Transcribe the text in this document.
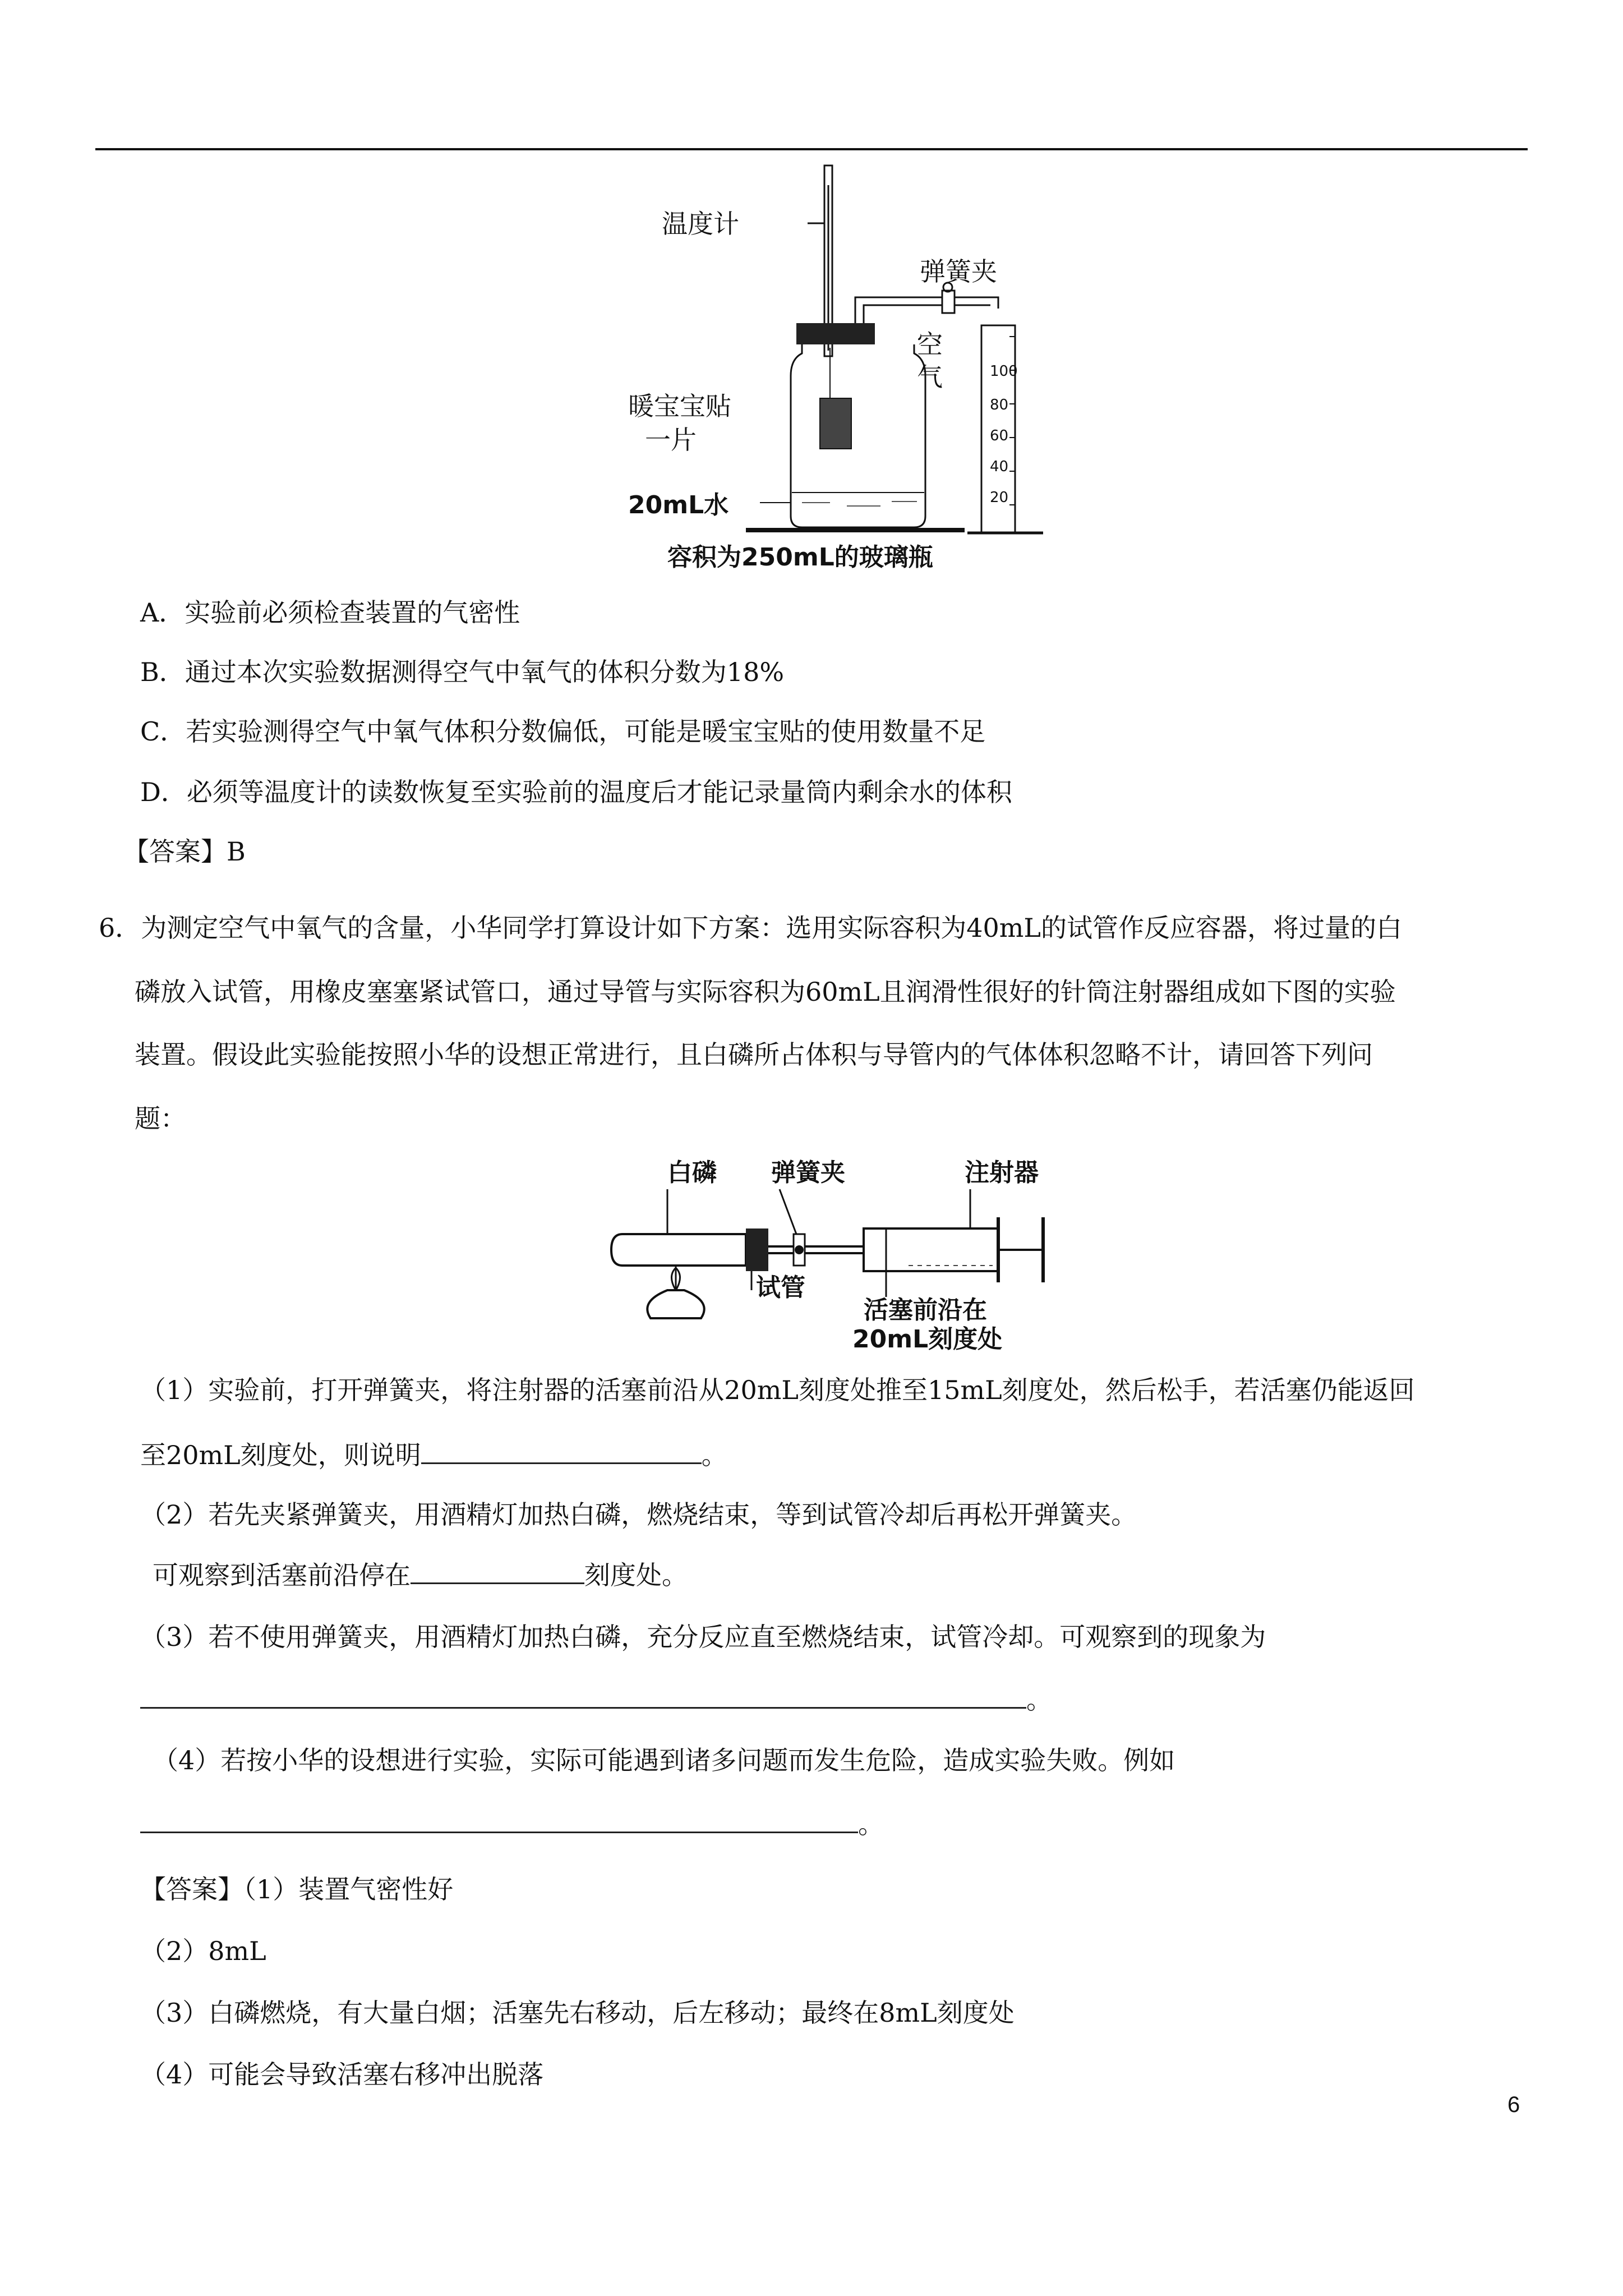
100
80
60
40
20
温度计
弹簧夹
暖宝宝贴
一片
空
气
20mL水
容积为250mL的玻璃瓶
A．实验前必须检查装置的气密性
B．通过本次实验数据测得空气中氧气的体积分数为18%
C．若实验测得空气中氧气体积分数偏低，可能是暖宝宝贴的使用数量不足
D．必须等温度计的读数恢复至实验前的温度后才能记录量筒内剩余水的体积
【答案】B
6．为测定空气中氧气的含量，小华同学打算设计如下方案：选用实际容积为40mL的试管作反应容器，将过量的白
磷放入试管，用橡皮塞塞紧试管口，通过导管与实际容积为60mL且润滑性很好的针筒注射器组成如下图的实验
装置。假设此实验能按照小华的设想正常进行，且白磷所占体积与导管内的气体体积忽略不计，请回答下列问
题：
白磷 弹簧夹	注射器
试管
活塞前沿在
20mL刻度处
（1）实验前，打开弹簧夹，将注射器的活塞前沿从20mL刻度处推至15mL刻度处，然后松手，若活塞仍能返回
至20mL刻度处，则说明	。
（2）若先夹紧弹簧夹，用酒精灯加热白磷，燃烧结束，等到试管冷却后再松开弹簧夹。
可观察到活塞前沿停在	刻度处。
（3）若不使用弹簧夹，用酒精灯加热白磷，充分反应直至燃烧结束，试管冷却。可观察到的现象为
。
（4）若按小华的设想进行实验，实际可能遇到诸多问题而发生危险，造成实验失败。例如
。
【答案】（1）装置气密性好
（2）8mL
（3）白磷燃烧，有大量白烟；活塞先右移动，后左移动；最终在8mL刻度处
（4）可能会导致活塞右移冲出脱落
6
